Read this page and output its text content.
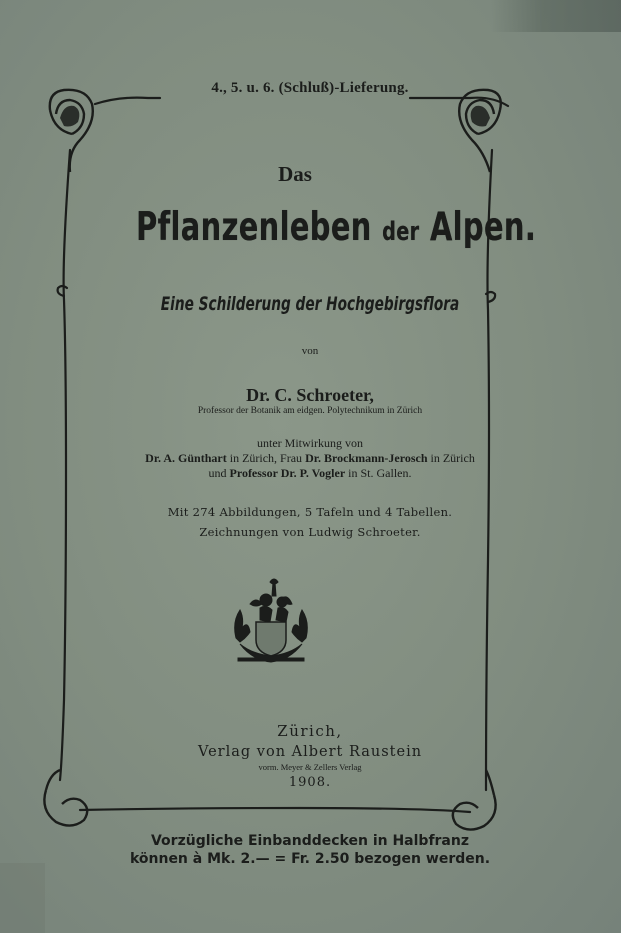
4., 5. u. 6. (Schluß)-Lieferung.

Das

Pflanzenleben der Alpen.

Eine Schilderung der Hochgebirgsflora

von

Dr. C. Schroeter,

Professor der Botanik am eidgen. Polytechnikum in Zürich

unter Mitwirkung von

Dr. A. Günthart in Zürich, Frau Dr. Brockmann-Jerosch in Zürich

und Professor Dr. P. Vogler in St. Gallen.

Mit 274 Abbildungen, 5 Tafeln und 4 Tabellen.

Zeichnungen von Ludwig Schroeter.

Zürich,

Verlag von Albert Raustein

vorm. Meyer & Zellers Verlag

1908.

Vorzügliche Einbanddecken in Halbfranz

können à Mk. 2.— = Fr. 2.50 bezogen werden.
